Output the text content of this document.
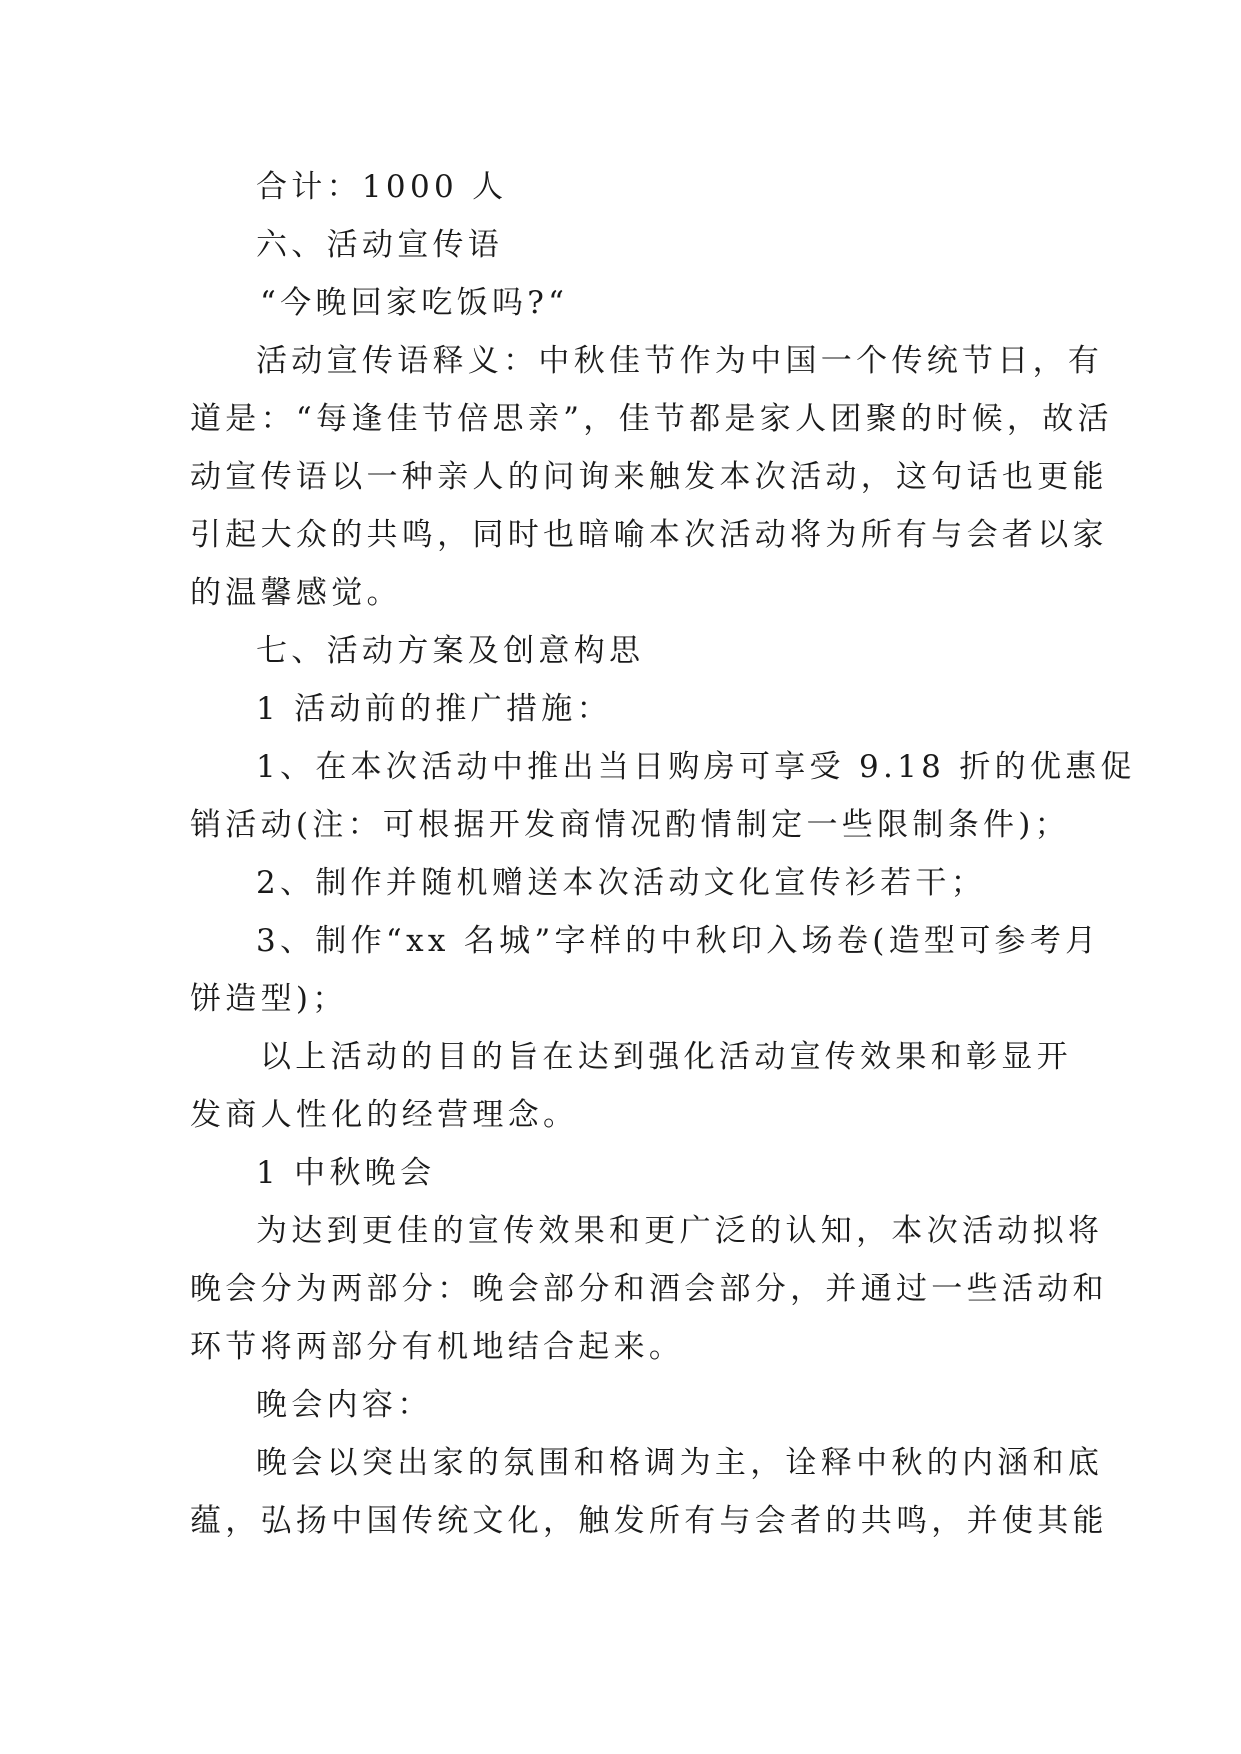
合计：1000 人

六、活动宣传语

“今晚回家吃饭吗?“

活动宣传语释义：中秋佳节作为中国一个传统节日，有

道是：“每逢佳节倍思亲”，佳节都是家人团聚的时候，故活

动宣传语以一种亲人的问询来触发本次活动，这句话也更能

引起大众的共鸣，同时也暗喻本次活动将为所有与会者以家

的温馨感觉。

七、活动方案及创意构思

1 活动前的推广措施：

1、在本次活动中推出当日购房可享受 9.18 折的优惠促

销活动(注：可根据开发商情况酌情制定一些限制条件)；

2、制作并随机赠送本次活动文化宣传衫若干；

3、制作“xx 名城”字样的中秋印入场卷(造型可参考月

饼造型)；

以上活动的目的旨在达到强化活动宣传效果和彰显开

发商人性化的经营理念。

1 中秋晚会

为达到更佳的宣传效果和更广泛的认知，本次活动拟将

晚会分为两部分：晚会部分和酒会部分，并通过一些活动和

环节将两部分有机地结合起来。

晚会内容：

晚会以突出家的氛围和格调为主，诠释中秋的内涵和底

蕴，弘扬中国传统文化，触发所有与会者的共鸣，并使其能
